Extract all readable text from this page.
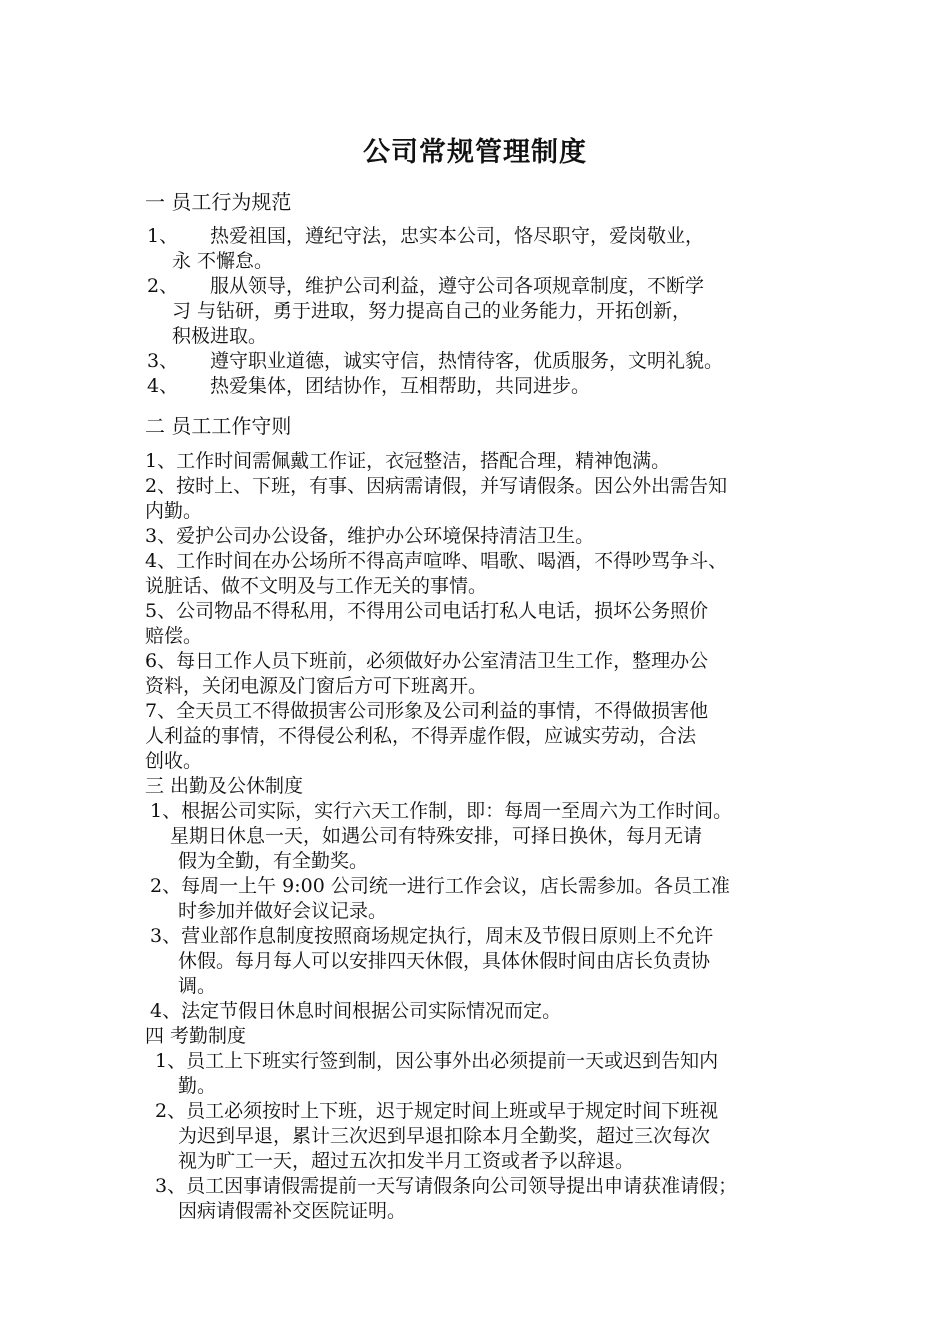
公司常规管理制度
一 员工行为规范
1、 热爱祖国，遵纪守法，忠实本公司，恪尽职守，爱岗敬业，
永 不懈怠。
2、 服从领导，维护公司利益，遵守公司各项规章制度，不断学
习 与钻研，勇于进取，努力提高自己的业务能力，开拓创新，
积极进取。
3、 遵守职业道德，诚实守信，热情待客，优质服务，文明礼貌。
4、 热爱集体，团结协作，互相帮助，共同进步。
二 员工工作守则
1、工作时间需佩戴工作证，衣冠整洁，搭配合理，精神饱满。
2、按时上、下班，有事、因病需请假，并写请假条。因公外出需告知
内勤。
3、爱护公司办公设备，维护办公环境保持清洁卫生。
4、工作时间在办公场所不得高声喧哗、唱歌、喝酒，不得吵骂争斗、
说脏话、做不文明及与工作无关的事情。
5、公司物品不得私用，不得用公司电话打私人电话，损坏公务照价
赔偿。
6、每日工作人员下班前，必须做好办公室清洁卫生工作，整理办公
资料，关闭电源及门窗后方可下班离开。
7、全天员工不得做损害公司形象及公司利益的事情，不得做损害他
人利益的事情，不得侵公利私，不得弄虚作假，应诚实劳动，合法
创收。
三 出勤及公休制度
1、根据公司实际，实行六天工作制，即：每周一至周六为工作时间。
星期日休息一天，如遇公司有特殊安排，可择日换休，每月无请
假为全勤，有全勤奖。
2、每周一上午 9:00 公司统一进行工作会议，店长需参加。各员工准
时参加并做好会议记录。
3、营业部作息制度按照商场规定执行，周末及节假日原则上不允许
休假。每月每人可以安排四天休假，具体休假时间由店长负责协
调。
4、法定节假日休息时间根据公司实际情况而定。
四 考勤制度
1、员工上下班实行签到制，因公事外出必须提前一天或迟到告知内
勤。
2、员工必须按时上下班，迟于规定时间上班或早于规定时间下班视
为迟到早退，累计三次迟到早退扣除本月全勤奖，超过三次每次
视为旷工一天，超过五次扣发半月工资或者予以辞退。
3、员工因事请假需提前一天写请假条向公司领导提出申请获准请假；
因病请假需补交医院证明。
